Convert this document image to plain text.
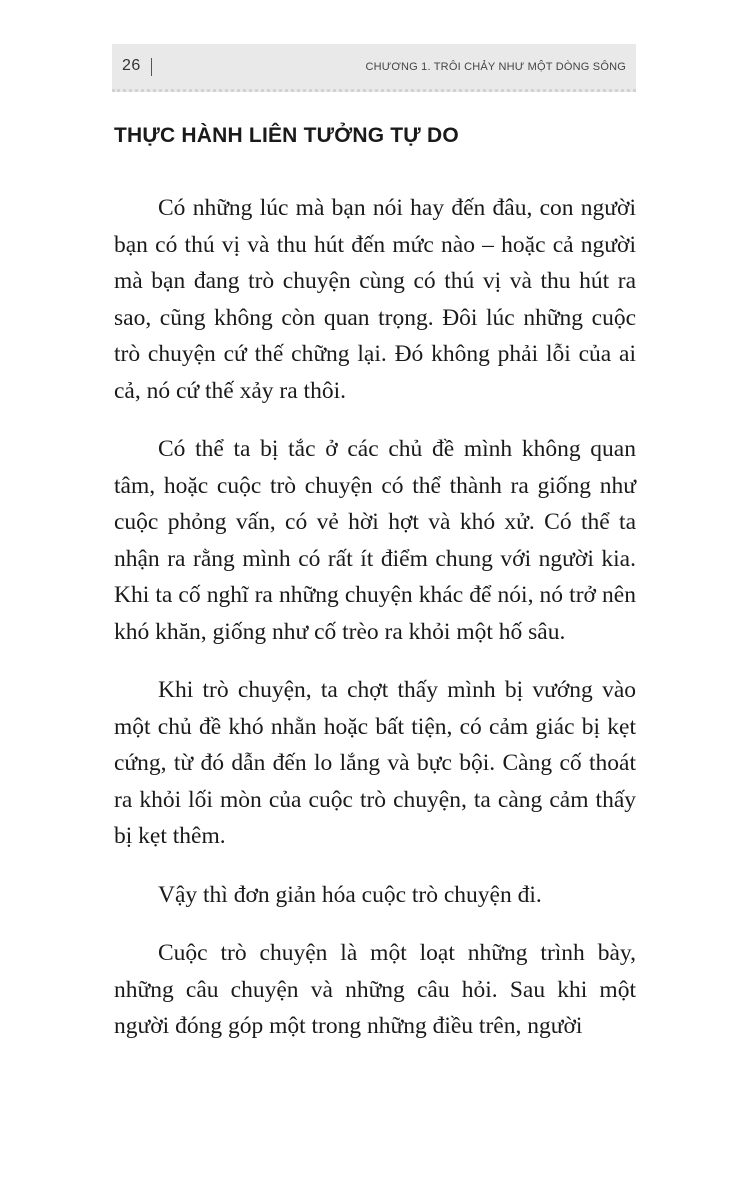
26	CHƯƠNG 1. TRÔI CHẢY NHƯ MỘT DÒNG SÔNG
THỰC HÀNH LIÊN TƯỞNG TỰ DO

Có những lúc mà bạn nói hay đến đâu, con người bạn có thú vị và thu hút đến mức nào – hoặc cả người mà bạn đang trò chuyện cùng có thú vị và thu hút ra sao, cũng không còn quan trọng. Đôi lúc những cuộc trò chuyện cứ thế chững lại. Đó không phải lỗi của ai cả, nó cứ thế xảy ra thôi.

Có thể ta bị tắc ở các chủ đề mình không quan tâm, hoặc cuộc trò chuyện có thể thành ra giống như cuộc phỏng vấn, có vẻ hời hợt và khó xử. Có thể ta nhận ra rằng mình có rất ít điểm chung với người kia. Khi ta cố nghĩ ra những chuyện khác để nói, nó trở nên khó khăn, giống như cố trèo ra khỏi một hố sâu.

Khi trò chuyện, ta chợt thấy mình bị vướng vào một chủ đề khó nhằn hoặc bất tiện, có cảm giác bị kẹt cứng, từ đó dẫn đến lo lắng và bực bội. Càng cố thoát ra khỏi lối mòn của cuộc trò chuyện, ta càng cảm thấy bị kẹt thêm.

Vậy thì đơn giản hóa cuộc trò chuyện đi.

Cuộc trò chuyện là một loạt những trình bày, những câu chuyện và những câu hỏi. Sau khi một người đóng góp một trong những điều trên, người
